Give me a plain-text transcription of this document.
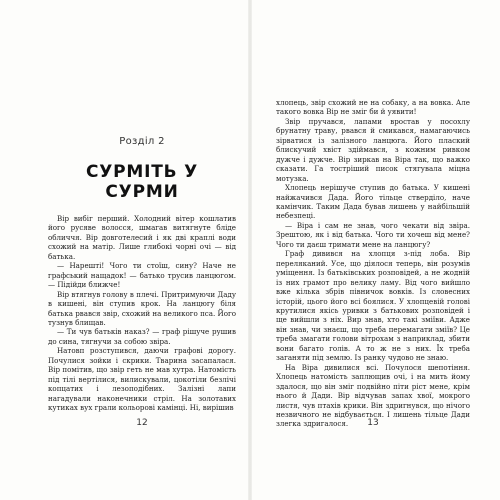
Розділ 2
СУРМІТЬ У СУРМИ

Вір вибіг перший. Холодний вітер кошлатив його руcяве волосся, шмагав витягнуте бліде обличчя. Вір довготелесий і як дві краплі води схожий на матір. Лише глибокі чорні очі — від батька.

— Нарешті! Чого ти стоїш, сину? Наче не графський нащадок! — батько трусив ланцюгом. — Підійди ближче!

Вір втягнув голову в плечі. Притримуючи Даду в кишені, він ступив крок. На ланцюгу біля батька рвався звір, схожий на великого пса. Його тузнув блищав.

— Ти чув батьків наказ? — граф рішуче рушив до сина, тягнучи за собою звіра.

Натовп розступився, даючи графові дорогу. Почулися зойки і скрики. Тварина засапалася. Вір помітив, що звір геть не мав хутра. Натомість під тілі вертілися, вилискували, цокотіли безлічі копцатих і лезоподібних. Залізні лапи нагадували наконечники стріл. На золотавих кутиках вух грали кольорові камінці. Ні, вирішив

12

хлопець, звір схожий не на собаку, а на вовка. Але такого вовка Вір не зміг би й уявити!

Звір пручався, лапами вростав у посохлу брунатну траву, рвався й смикався, намагаючись зірватися із залізного ланцюга. Його плаский блискучий хвіст здіймався, з кожним ривком дужче і дужче. Вір зиркав на Віра так, що важко сказати. Га тостріший писок стягувала міцна мотузка.

Хлопець нерішуче ступив до батька. У кишені найжачився Дада. Його тільце стверділо, наче камінчик. Таким Дада бував лишень у найбільшій небезпеці.

— Віра і сам не знав, чого чекати від звіра. Зрештою, як і від батька. Чого ти хочеш від мене? Чого ти даєш тримати мене на ланцюгу?

Граф дивився на хлопця з-під лоба. Вір переляканий. Усе, що діялося теперь, він розумів уміщення. Із батьківських розповідей, а не жодній із них грамот про велику ламу. Від чого вийшло вже кілька збрів півничок вовків. Із словесних історій, цього його всі боялися. У хлопцевій голові крутилися якісь уривки з батькових розповідей і ще вийшли з ніх. Вир знав, хто такі зміїви. Адже він знав, чи знаєш, що треба перемагати зміїв? Це треба змагати голови вітрохам з наприклад, збити вони багато голів. А то ж не з них. Їх треба заганяти під землю. Із ранку чудово не знаю.

На Віра дивилися всі. Почулося шепотіння. Хлопець натомість заплющив очі, і на мить йому здалося, що він зміг подвійно піти ріст мене, крім нього й Дади. Вір відчував запах хвої, мокрого листя, чув птахів крики. Він здригнувся, що нічого незвичного не відбувається. І лишень тільце Дади злегка здригалося.	13
